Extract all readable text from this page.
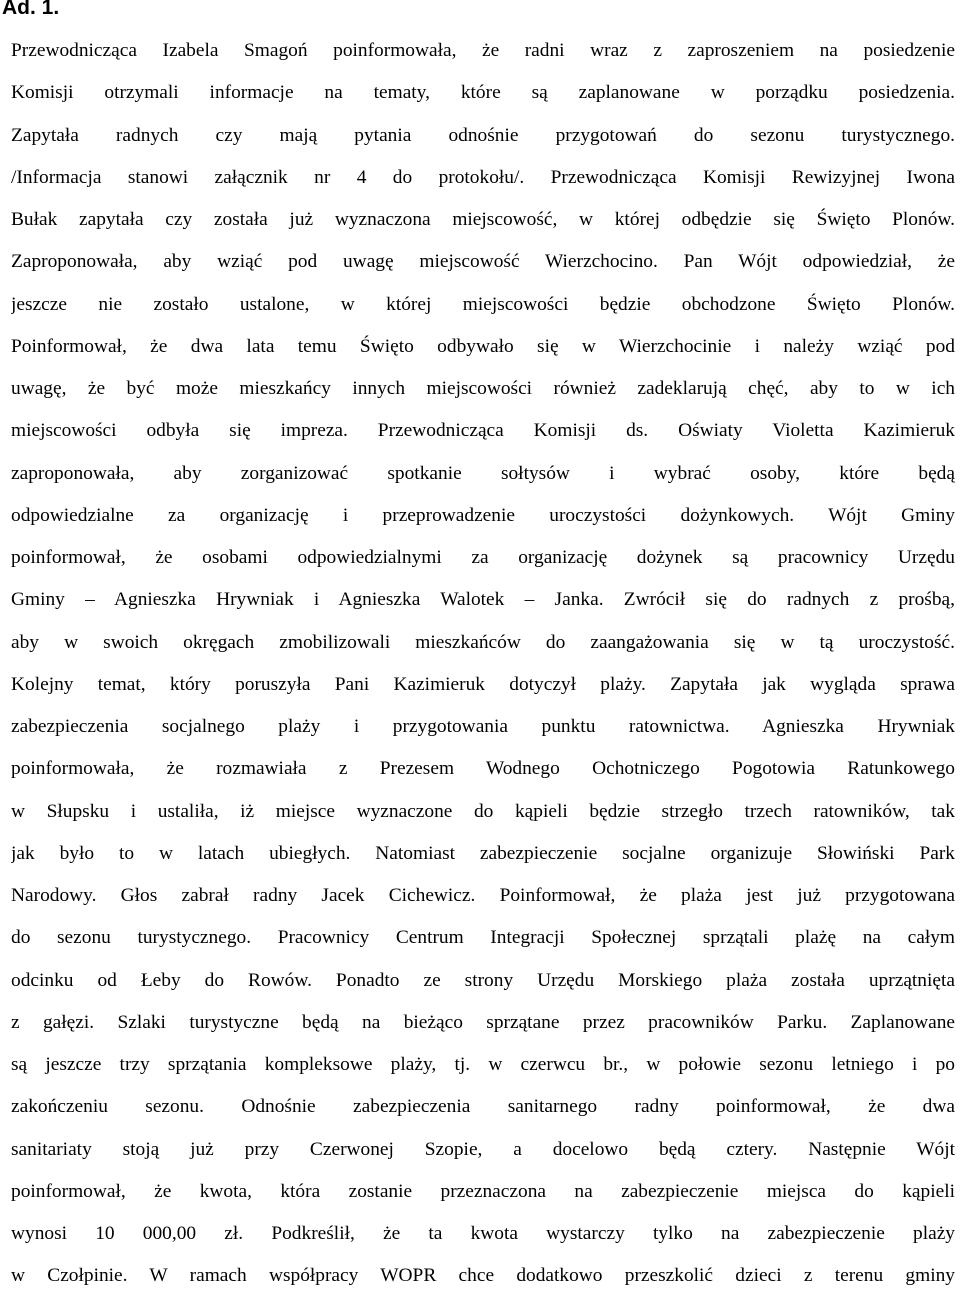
Ad. 1.
Przewodnicząca Izabela Smagoń poinformowała, że radni wraz z zaproszeniem na posiedzenie
Komisji otrzymali informacje na tematy, które są zaplanowane w porządku posiedzenia.
Zapytała radnych czy mają pytania odnośnie przygotowań do sezonu turystycznego.
/Informacja stanowi załącznik nr 4 do protokołu/. Przewodnicząca Komisji Rewizyjnej Iwona
Bułak zapytała czy została już wyznaczona miejscowość, w której odbędzie się Święto Plonów.
Zaproponowała, aby wziąć pod uwagę miejscowość Wierzchocino. Pan Wójt odpowiedział, że
jeszcze nie zostało ustalone, w której miejscowości będzie obchodzone Święto Plonów.
Poinformował, że dwa lata temu Święto odbywało się w Wierzchocinie i należy wziąć pod
uwagę, że być może mieszkańcy innych miejscowości również zadeklarują chęć, aby to w ich
miejscowości odbyła się impreza. Przewodnicząca Komisji ds. Oświaty Violetta Kazimieruk
zaproponowała, aby zorganizować spotkanie sołtysów i wybrać osoby, które będą
odpowiedzialne za organizację i przeprowadzenie uroczystości dożynkowych. Wójt Gminy
poinformował, że osobami odpowiedzialnymi za organizację dożynek są pracownicy Urzędu
Gminy – Agnieszka Hrywniak i Agnieszka Walotek – Janka. Zwrócił się do radnych z prośbą,
aby w swoich okręgach zmobilizowali mieszkańców do zaangażowania się w tą uroczystość.
Kolejny temat, który poruszyła Pani Kazimieruk dotyczył plaży. Zapytała jak wygląda sprawa
zabezpieczenia socjalnego plaży i przygotowania punktu ratownictwa. Agnieszka Hrywniak
poinformowała, że rozmawiała z Prezesem Wodnego Ochotniczego Pogotowia Ratunkowego
w Słupsku i ustaliła, iż miejsce wyznaczone do kąpieli będzie strzegło trzech ratowników, tak
jak było to w latach ubiegłych. Natomiast zabezpieczenie socjalne organizuje Słowiński Park
Narodowy. Głos zabrał radny Jacek Cichewicz. Poinformował, że plaża jest już przygotowana
do sezonu turystycznego. Pracownicy Centrum Integracji Społecznej sprzątali plażę na całym
odcinku od Łeby do Rowów. Ponadto ze strony Urzędu Morskiego plaża została uprzątnięta
z gałęzi. Szlaki turystyczne będą na bieżąco sprzątane przez pracowników Parku. Zaplanowane
są jeszcze trzy sprzątania kompleksowe plaży, tj. w czerwcu br., w połowie sezonu letniego i po
zakończeniu sezonu. Odnośnie zabezpieczenia sanitarnego radny poinformował, że dwa
sanitariaty stoją już przy Czerwonej Szopie, a docelowo będą cztery. Następnie Wójt
poinformował, że kwota, która zostanie przeznaczona na zabezpieczenie miejsca do kąpieli
wynosi 10 000,00 zł. Podkreślił, że ta kwota wystarczy tylko na zabezpieczenie plaży
w Czołpinie. W ramach współpracy WOPR chce dodatkowo przeszkolić dzieci z terenu gminy
